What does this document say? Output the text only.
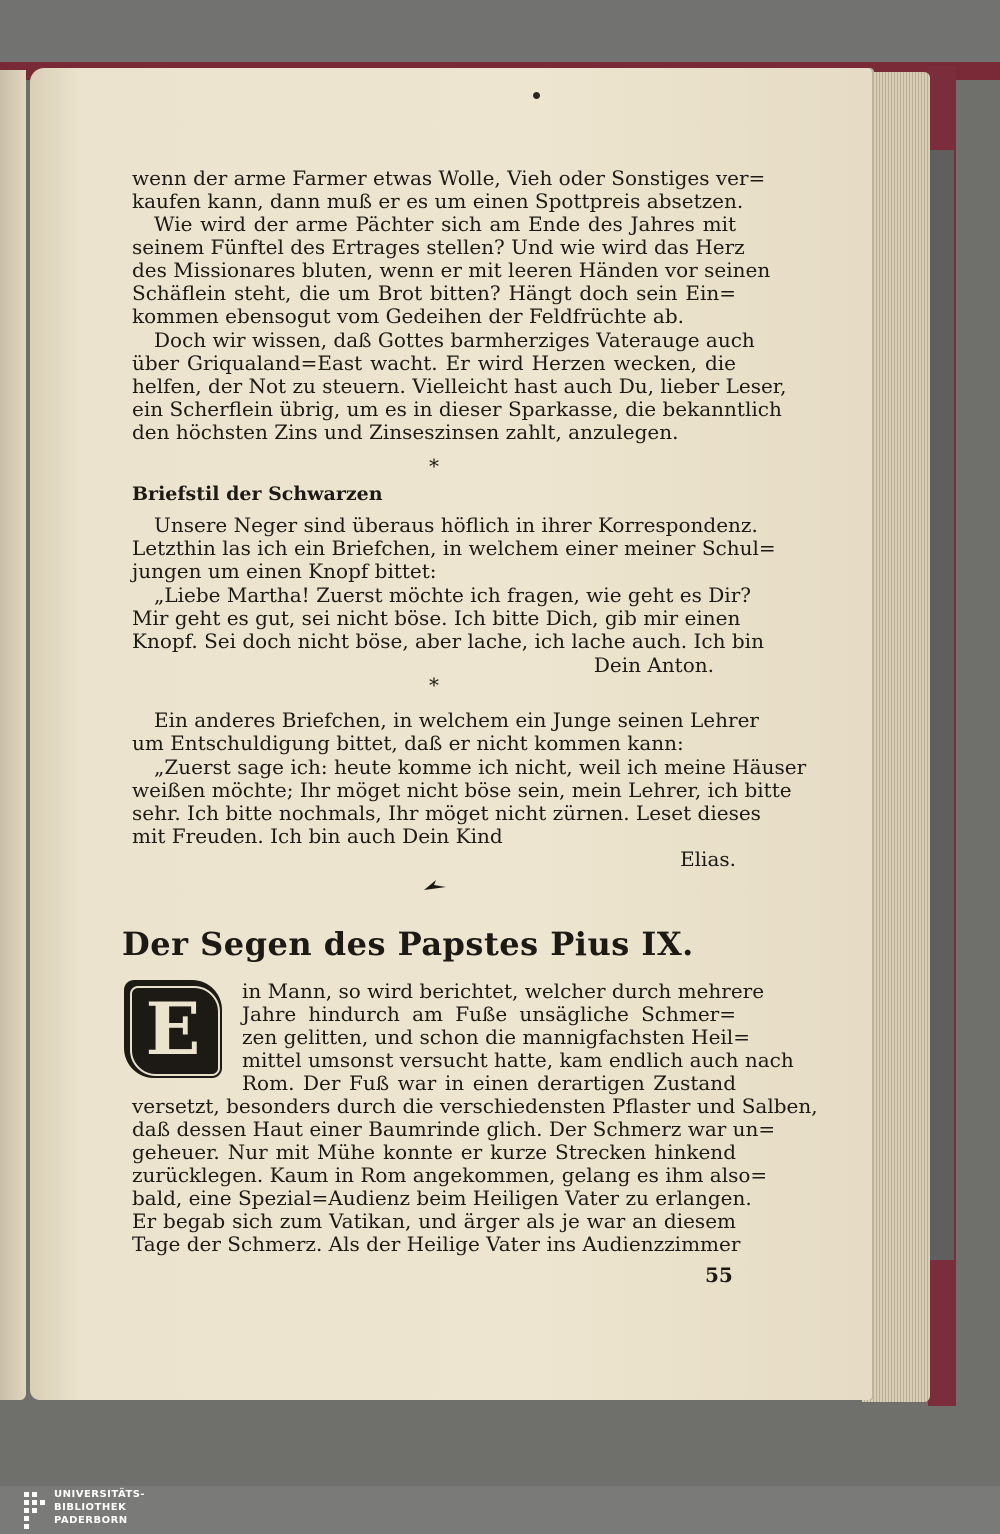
wenn der arme Farmer etwas Wolle, Vieh oder Sonstiges ver=
kaufen kann, dann muß er es um einen Spottpreis absetzen.
Wie wird der arme Pächter sich am Ende des Jahres mit
seinem Fünftel des Ertrages stellen? Und wie wird das Herz
des Missionares bluten, wenn er mit leeren Händen vor seinen
Schäflein steht, die um Brot bitten? Hängt doch sein Ein=
kommen ebensogut vom Gedeihen der Feldfrüchte ab.
Doch wir wissen, daß Gottes barmherziges Vaterauge auch
über Griqualand=East wacht. Er wird Herzen wecken, die
helfen, der Not zu steuern. Vielleicht hast auch Du, lieber Leser,
ein Scherflein übrig, um es in dieser Sparkasse, die bekanntlich
den höchsten Zins und Zinseszinsen zahlt, anzulegen.
*
Briefstil der Schwarzen
Unsere Neger sind überaus höflich in ihrer Korrespondenz.
Letzthin las ich ein Briefchen, in welchem einer meiner Schul=
jungen um einen Knopf bittet:
„Liebe Martha! Zuerst möchte ich fragen, wie geht es Dir?
Mir geht es gut, sei nicht böse. Ich bitte Dich, gib mir einen
Knopf. Sei doch nicht böse, aber lache, ich lache auch. Ich bin
Dein Anton.
*
Ein anderes Briefchen, in welchem ein Junge seinen Lehrer
um Entschuldigung bittet, daß er nicht kommen kann:
„Zuerst sage ich: heute komme ich nicht, weil ich meine Häuser
weißen möchte; Ihr möget nicht böse sein, mein Lehrer, ich bitte
sehr. Ich bitte nochmals, Ihr möget nicht zürnen. Leset dieses
mit Freuden. Ich bin auch Dein Kind
Elias.
Der Segen des Papstes Pius IX.
E	in Mann, so wird berichtet, welcher durch mehrere
Jahre hindurch am Fuße unsägliche Schmer=
zen gelitten, und schon die mannigfachsten Heil=
mittel umsonst versucht hatte, kam endlich auch nach
Rom. Der Fuß war in einen derartigen Zustand
versetzt, besonders durch die verschiedensten Pflaster und Salben,
daß dessen Haut einer Baumrinde glich. Der Schmerz war un=
geheuer. Nur mit Mühe konnte er kurze Strecken hinkend
zurücklegen. Kaum in Rom angekommen, gelang es ihm also=
bald, eine Spezial=Audienz beim Heiligen Vater zu erlangen.
Er begab sich zum Vatikan, und ärger als je war an diesem
Tage der Schmerz. Als der Heilige Vater ins Audienzzimmer
55
UNIVERSITÄTS-
BIBLIOTHEK
PADERBORN
